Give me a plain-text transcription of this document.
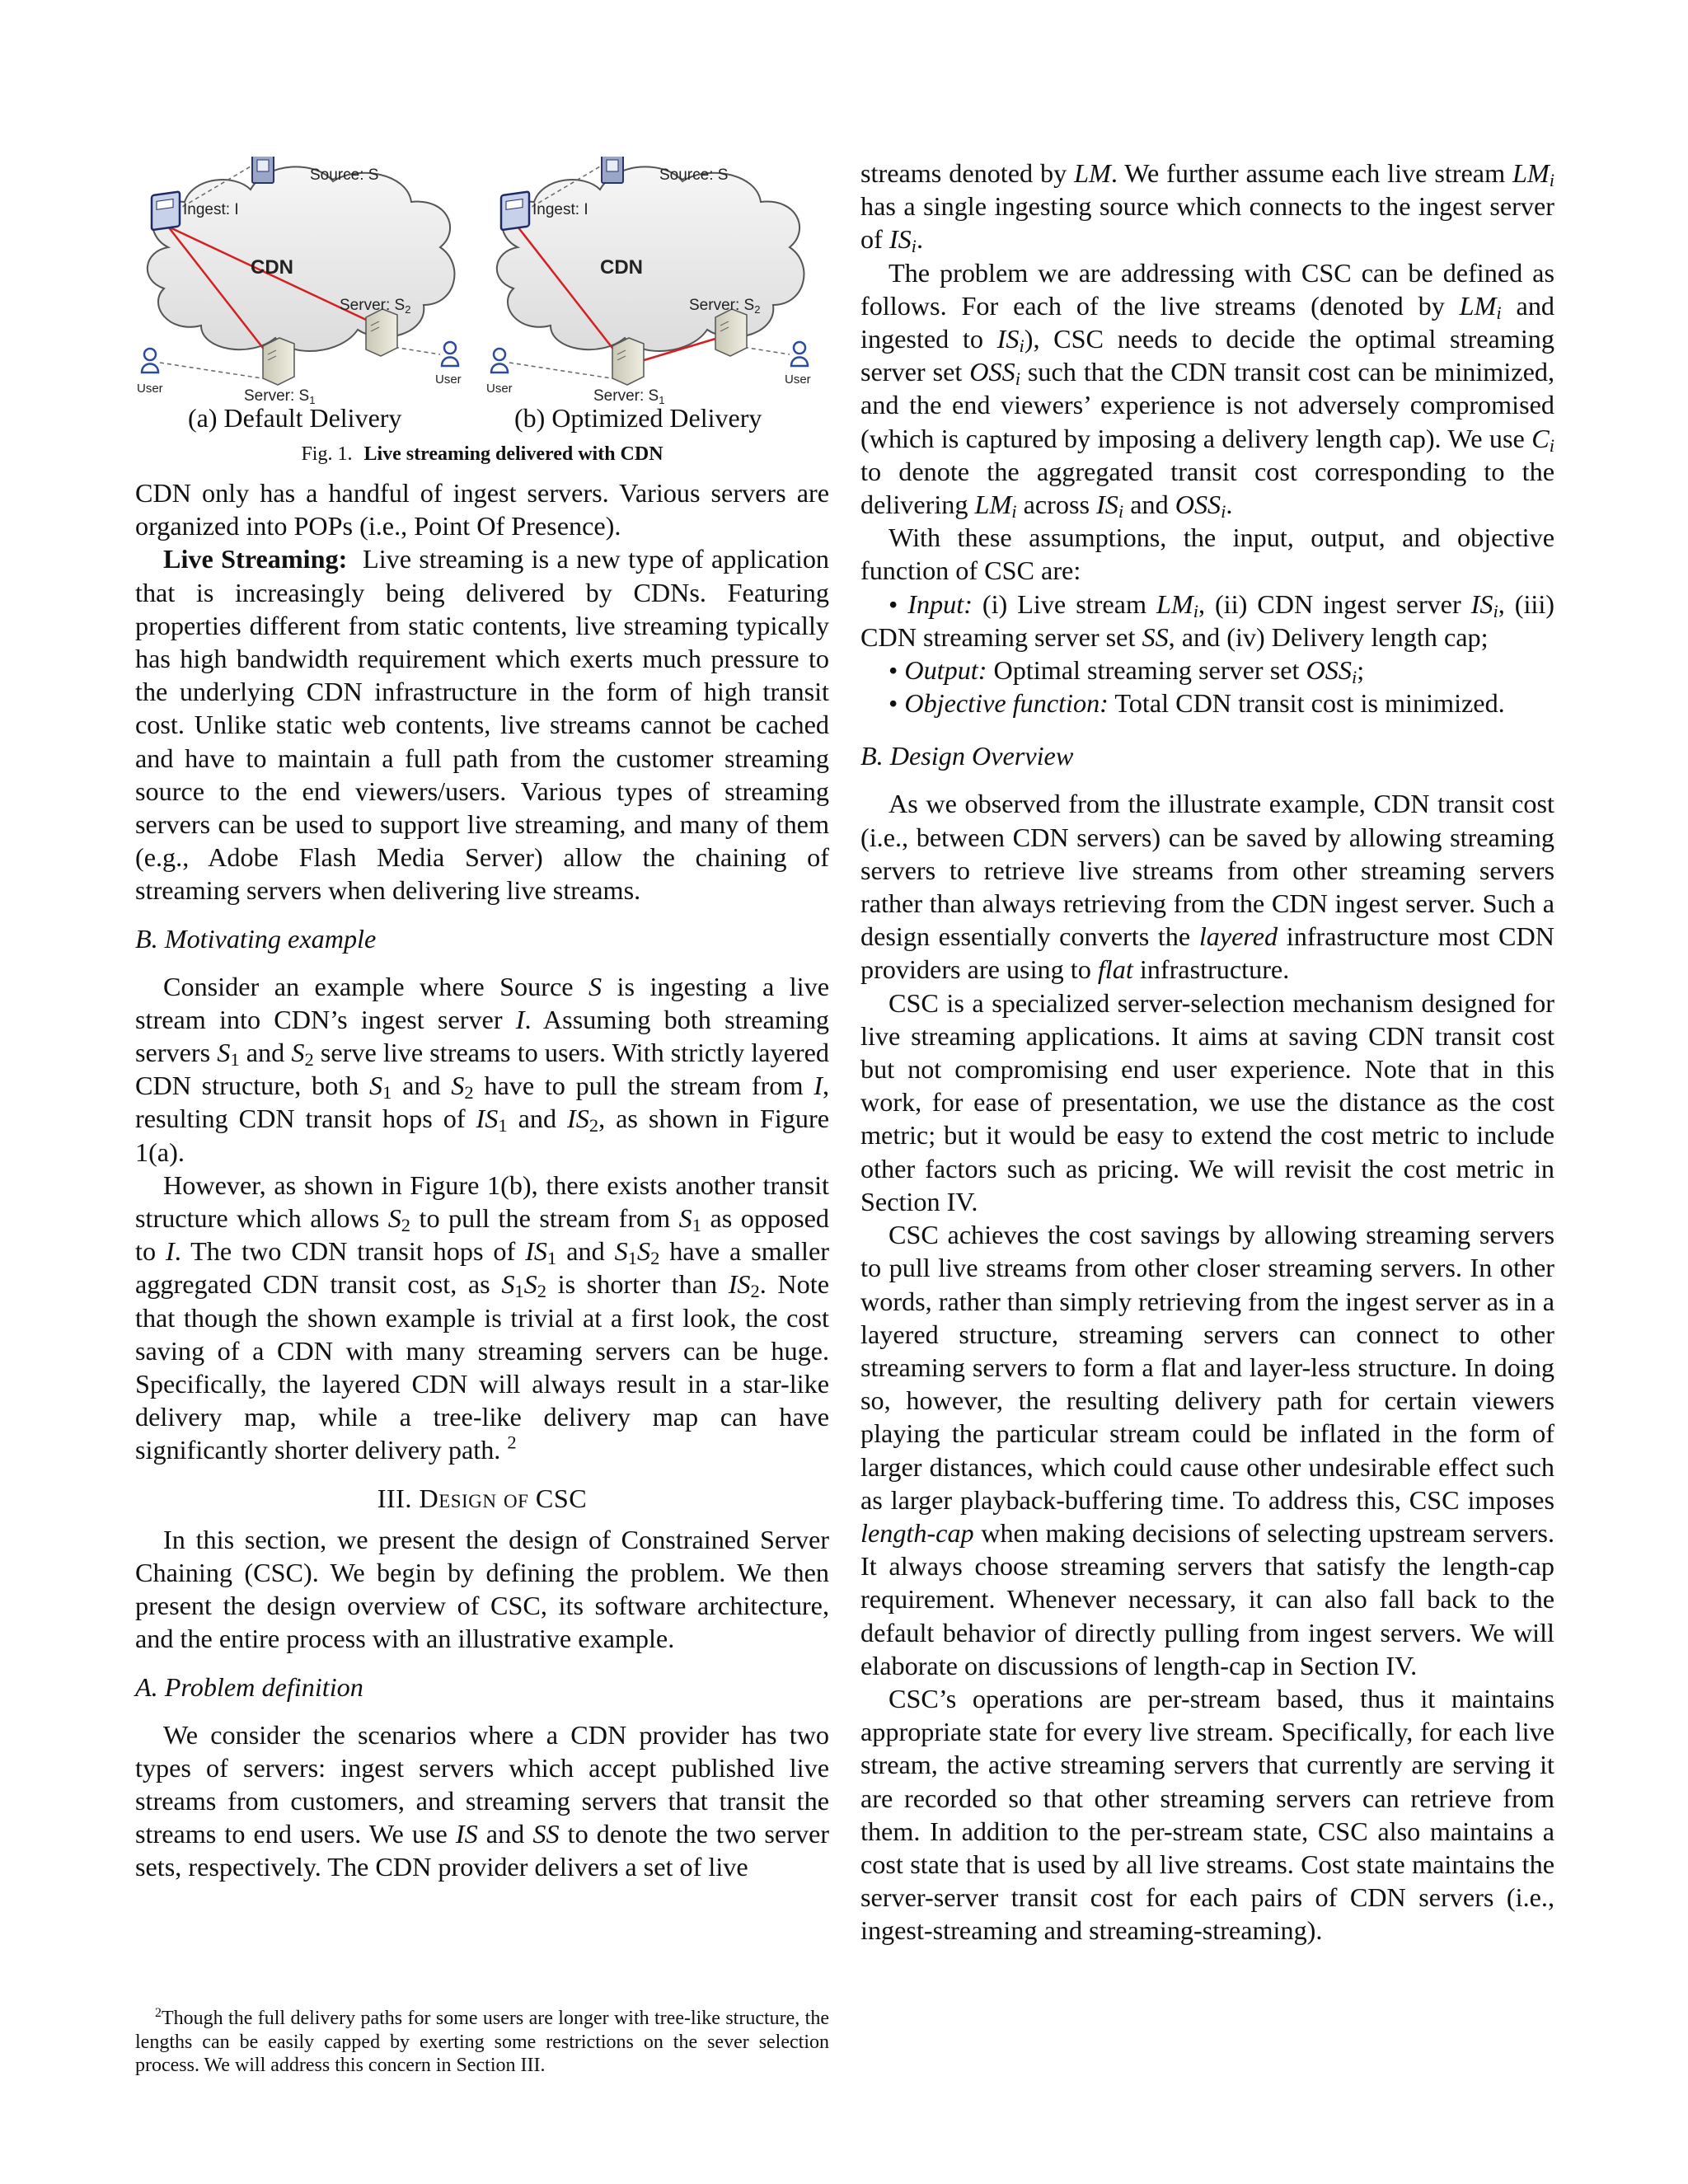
Source: S
Ingest: I
CDN
Server: $S_2$
Server: $S_1$
User
User
Source: S
Ingest: I
CDN
Server: $S_2$
Server: $S_1$
User
User
(a) Default Delivery	(b) Optimized Delivery
Fig. 1. Live streaming delivered with CDN

CDN only has a handful of ingest servers. Various servers are organized into POPs (i.e., Point Of Presence).

Live Streaming: Live streaming is a new type of application that is increasingly being delivered by CDNs. Featuring properties different from static contents, live streaming typically has high bandwidth requirement which exerts much pressure to the underlying CDN infrastructure in the form of high transit cost. Unlike static web contents, live streams cannot be cached and have to maintain a full path from the customer streaming source to the end viewers/users. Various types of streaming servers can be used to support live streaming, and many of them (e.g., Adobe Flash Media Server) allow the chaining of streaming servers when delivering live streams.

B. Motivating example

Consider an example where Source S is ingesting a live stream into CDN’s ingest server I. Assuming both streaming servers $S_1$ and $S_2$ serve live streams to users. With strictly layered CDN structure, both $S_1$ and $S_2$ have to pull the stream from I, resulting CDN transit hops of $IS_1$ and $IS_2$, as shown in Figure 1(a).

However, as shown in Figure 1(b), there exists another transit structure which allows $S_2$ to pull the stream from $S_1$ as opposed to I. The two CDN transit hops of $IS_1$ and $S_1S_2$ have a smaller aggregated CDN transit cost, as $S_1S_2$ is shorter than $IS_2$. Note that though the shown example is trivial at a first look, the cost saving of a CDN with many streaming servers can be huge. Specifically, the layered CDN will always result in a star-like delivery map, while a tree-like delivery map can have significantly shorter delivery path. $^2$

III. Design of CSC

In this section, we present the design of Constrained Server Chaining (CSC). We begin by defining the problem. We then present the design overview of CSC, its software architecture, and the entire process with an illustrative example.

A. Problem definition

We consider the scenarios where a CDN provider has two types of servers: ingest servers which accept published live streams from customers, and streaming servers that transit the streams to end users. We use IS and SS to denote the two server sets, respectively. The CDN provider delivers a set of live

$^2$Though the full delivery paths for some users are longer with tree-like structure, the lengths can be easily capped by exerting some restrictions on the sever selection process. We will address this concern in Section III.

streams denoted by LM. We further assume each live stream $LM_i$ has a single ingesting source which connects to the ingest server of $IS_i$.

The problem we are addressing with CSC can be defined as follows. For each of the live streams (denoted by $LM_i$ and ingested to $IS_i$), CSC needs to decide the optimal streaming server set $OSS_i$ such that the CDN transit cost can be minimized, and the end viewers’ experience is not adversely compromised (which is captured by imposing a delivery length cap). We use $C_i$ to denote the aggregated transit cost corresponding to the delivering $LM_i$ across $IS_i$ and $OSS_i$.

With these assumptions, the input, output, and objective function of CSC are:

• Input: (i) Live stream $LM_i$, (ii) CDN ingest server $IS_i$, (iii) CDN streaming server set SS, and (iv) Delivery length cap;
• Output: Optimal streaming server set $OSS_i$;
• Objective function: Total CDN transit cost is minimized.
B. Design Overview

As we observed from the illustrate example, CDN transit cost (i.e., between CDN servers) can be saved by allowing streaming servers to retrieve live streams from other streaming servers rather than always retrieving from the CDN ingest server. Such a design essentially converts the layered infrastructure most CDN providers are using to flat infrastructure.

CSC is a specialized server-selection mechanism designed for live streaming applications. It aims at saving CDN transit cost but not compromising end user experience. Note that in this work, for ease of presentation, we use the distance as the cost metric; but it would be easy to extend the cost metric to include other factors such as pricing. We will revisit the cost metric in Section IV.

CSC achieves the cost savings by allowing streaming servers to pull live streams from other closer streaming servers. In other words, rather than simply retrieving from the ingest server as in a layered structure, streaming servers can connect to other streaming servers to form a flat and layer-less structure. In doing so, however, the resulting delivery path for certain viewers playing the particular stream could be inflated in the form of larger distances, which could cause other undesirable effect such as larger playback-buffering time. To address this, CSC imposes length-cap when making decisions of selecting upstream servers. It always choose streaming servers that satisfy the length-cap requirement. Whenever necessary, it can also fall back to the default behavior of directly pulling from ingest servers. We will elaborate on discussions of length-cap in Section IV.

CSC’s operations are per-stream based, thus it maintains appropriate state for every live stream. Specifically, for each live stream, the active streaming servers that currently are serving it are recorded so that other streaming servers can retrieve from them. In addition to the per-stream state, CSC also maintains a cost state that is used by all live streams. Cost state maintains the server-server transit cost for each pairs of CDN servers (i.e., ingest-streaming and streaming-streaming).
